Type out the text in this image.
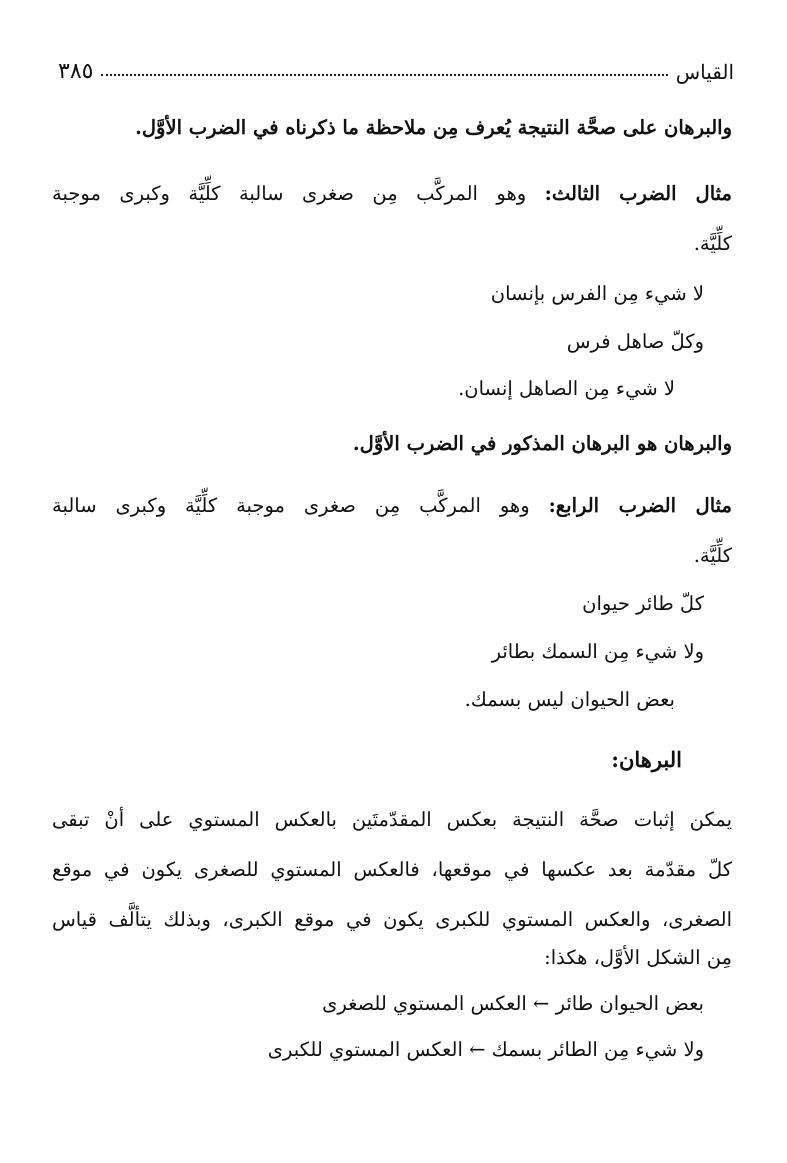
القياس
٣٨٥

والبرهان على صحَّة النتيجة يُعرف مِن ملاحظة ما ذكرناه في الضرب الأوَّل.

مثال الضرب الثالث: وهو المركَّب مِن صغرى سالبة كلِّيَّة وكبرى موجبة

كلِّيَّة.

لا شيء مِن الفرس بإنسان

وكلّ صاهل فرس

لا شيء مِن الصاهل إنسان.

والبرهان هو البرهان المذكور في الضرب الأوَّل.

مثال الضرب الرابع: وهو المركَّب مِن صغرى موجبة كلِّيَّة وكبرى سالبة

كلِّيَّة.

كلّ طائر حيوان

ولا شيء مِن السمك بطائر

بعض الحيوان ليس بسمك.

البرهان:

يمكن إثبات صحَّة النتيجة بعكس المقدّمتَين بالعكس المستوي على أنْ تبقى

كلّ مقدّمة بعد عكسها في موقعها، فالعكس المستوي للصغرى يكون في موقع

الصغرى، والعكس المستوي للكبرى يكون في موقع الكبرى، وبذلك يتألَّف قياس

مِن الشكل الأوَّل، هكذا:

بعض الحيوان طائر ← العكس المستوي للصغرى

ولا شيء مِن الطائر بسمك ← العكس المستوي للكبرى
